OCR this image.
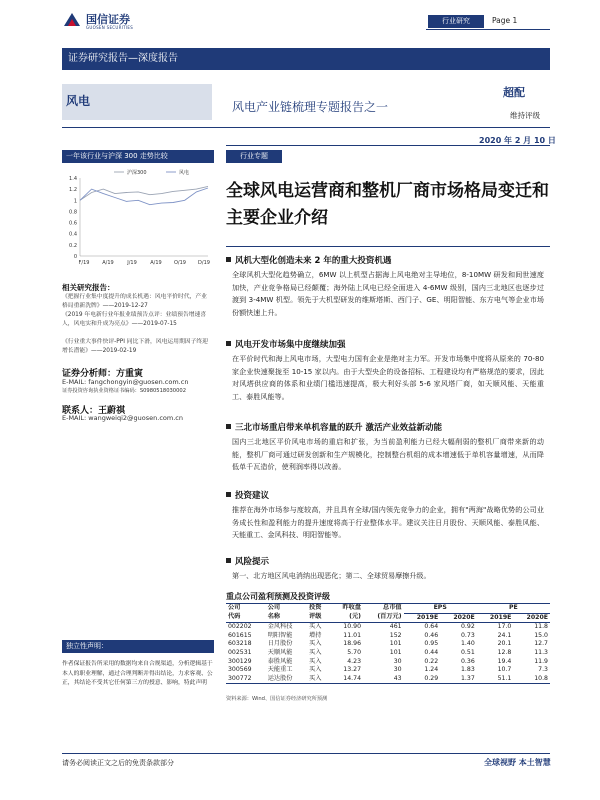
国信证券
GUOSEN SECURITIES
行业研究	Page 1
证券研究报告—深度报告
风电	风电产业链梳理专题报告之一
超配
维持评级
2020 年 2 月 10 日
一年该行业与沪深 300 走势比较
1.4
1.2
1
0.8
0.6
0.4
0.2
0
F/19	A/19	J/19	A/19 O/19 D/19
沪深300	风电
相关研究报告：
《把握行业集中度提升的成长机遇：风电平价时代，产业格局重新洗牌》——2019-12-27
《2019 年电新行业年报业绩预告点评：业绩预告增速喜人，风电实和升成为亮点》——2019-07-15
《行业重大事件快评-PPI 同比下滑，风电运用期因子终迎增长潜能》——2019-02-19
证券分析师：方重寅
E-MAIL: fangchongyin@guosen.com.cn
证券投资咨询执业资格证书编码：S0980518030002
联系人：王蔚祺
E-MAIL: wangweiqi2@guosen.com.cn
独立性声明：
作者保证报告所采用的数据均来自合规渠道，分析逻辑基于本人的职业理解，通过合理判断并得出结论，力求客观、公正，其结论不受其它任何第三方的授意、影响，特此声明
行业专题
全球风电运营商和整机厂商市场格局变迁和主要企业介绍
风机大型化创造未来 2 年的重大投资机遇
全球风机大型化趋势确立，6MW 以上机型占据海上风电绝对主导地位，8-10MW 研发和间世速度加快，产业竞争格局已经颠覆；海外陆上风电已经全面进入 4-6MW 级别，国内三北地区也逐步过渡到 3-4MW 机型。领先于大机型研发的维斯塔斯、西门子、GE、明阳智能、东方电气等企业市场份额快速上升。
风电开发市场集中度继续加强
在平价时代和海上风电市场，大型电力国有企业是绝对主力军。开发市场集中度将从原来的 70-80 家企业快速聚拢至 10-15 家以内。由于大型央企的设备招标、工程建设均有严格规范的要求，因此对风塔供应商的体系和业绩门槛迅速提高，极大利好头部 5-6 家风塔厂商，如天顺风能、天能重工、泰胜风能等。
三北市场重启带来单机容量的跃升 激活产业效益新动能
国内三北地区平价风电市场的重启和扩张，为当前盈利能力已经大幅削弱的整机厂商带来新的动能，整机厂商可通过研发创新和生产规模化，控制整台机组的成本增速低于单机容量增速，从而降低单千瓦造价，使利润率得以改善。
投资建议
推荐在海外市场参与度较高，并且具有全球/国内领先竞争力的企业，拥有"两海"战略优势的公司业务成长性和盈利能力的提升速度将高于行业整体水平。建议关注日月股份、天顺风能、泰胜风能、天能重工、金风科技、明阳智能等。
风险提示
第一、北方地区风电消纳出现恶化；第二、全球贸易摩擦升级。
重点公司盈利预测及投资评级
公司	公司	投资	昨收盘	总市值	EPS		PE	
代码	名称	评级	(元)	(百万元)	2019E	2020E	2019E	2020E
002202	金风科技	买入	10.90	461	0.64	0.92	17.0	11.8
601615	明阳智能	增持	11.01	152	0.46	0.73	24.1	15.0
603218	日月股份	买入	18.96	101	0.95	1.40	20.1	12.7
002531	天顺风能	买入	5.70	101	0.44	0.51	12.8	11.3
300129	泰胜风能	买入	4.23	30	0.22	0.36	19.4	11.9
300569	天能重工	买入	13.27	30	1.24	1.83	10.7	7.3
300772	运达股份	买入	14.74	43	0.29	1.37	51.1	10.8
资料来源：Wind、国信证券经济研究所预测
请务必阅读正文之后的免责条款部分	全球视野 本土智慧
